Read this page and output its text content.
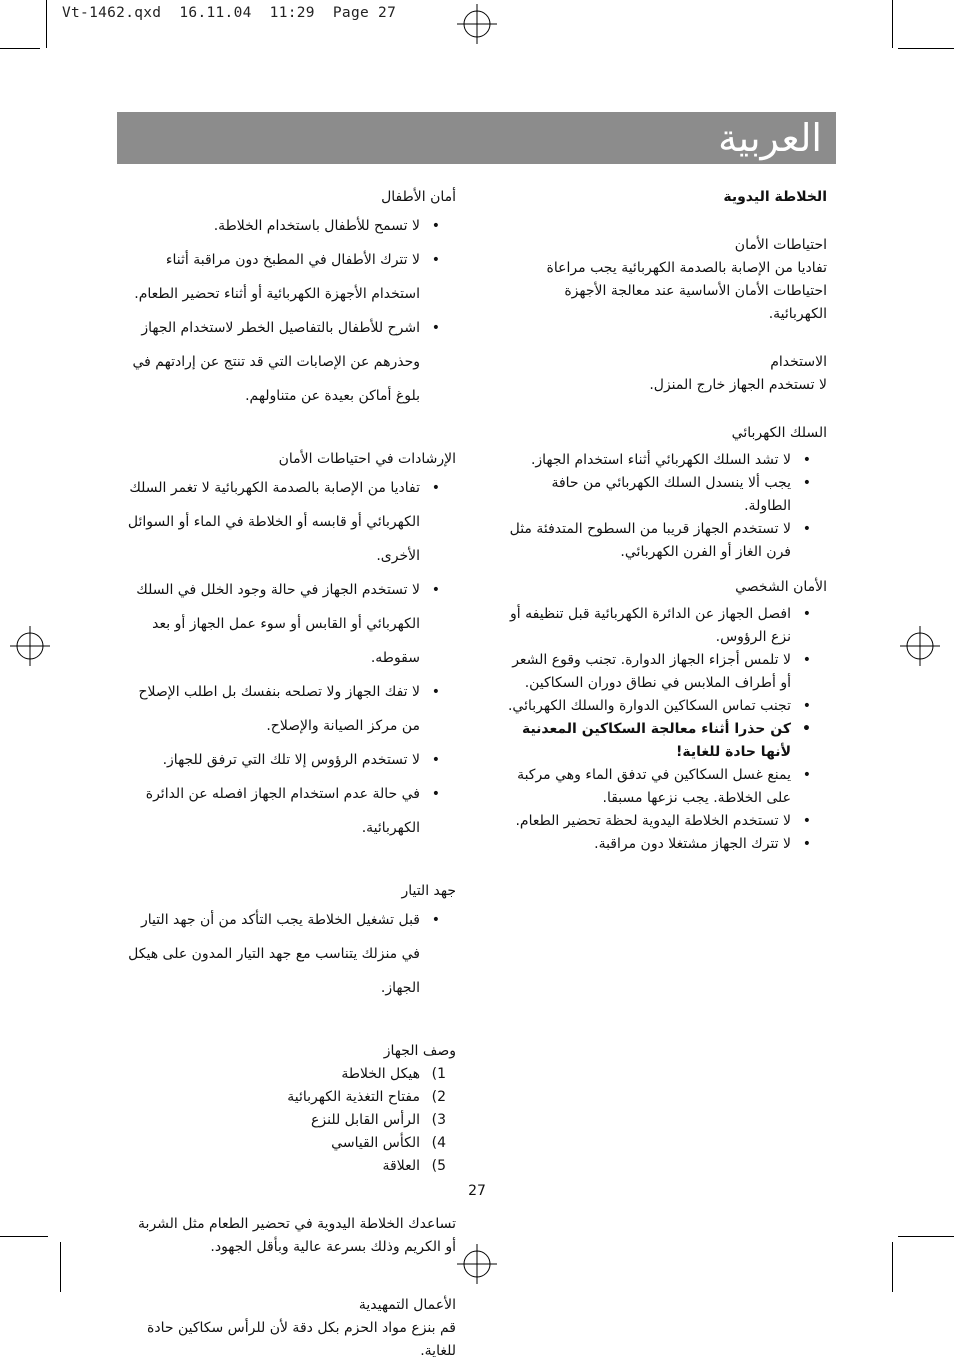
Vt-1462.qxd  16.11.04  11:29  Page 27
العربية

أمان الأطفال

• لا تسمح للأطفال باستخدام الخلاطة.
• لا تترك الأطفال في المطبخ دون مراقبة أثناء استخدام الأجهزة الكهربائية أو أثناء تحضير الطعام.
• اشرح للأطفال بالتفاصيل الخطر لاستخدام الجهاز وحذرهم عن الإصابات التي قد تنتج عن إرادتهم في بلوغ أماكن بعيدة عن متناولهم.

الإرشادات في احتياطات الأمان

• تفاديا من الإصابة بالصدمة الكهربائية لا تغمر السلك الكهربائي أو قابسه أو الخلاطة في الماء أو السوائل الأخرى.
• لا تستخدم الجهاز في حالة وجود الخلل في السلك الكهربائي أو القابس أو سوء عمل الجهاز أو بعد سقوطه.
• لا تفك الجهاز ولا تصلحه بنفسك بل اطلب الإصلاح من مركز الصيانة والإصلاح.
• لا تستخدم الرؤوس إلا تلك التي ترفق للجهاز.
• في حالة عدم استخدام الجهاز افصله عن الدائرة الكهربائية.

جهد التيار

• قبل تشغيل الخلاطة يجب التأكد من أن جهد التيار في منزلك يتناسب مع جهد التيار المدون على هيكل الجهاز.

وصف الجهاز

1)
هيكل الخلاطة
2)
مفتاح التغذية الكهربائية
3)
الرأس القابل للنزع
4)
الكأس القياسي
5)
العلاقة

تساعدك الخلاطة اليدوية في تحضير الطعام مثل الشربة أو الكريم وذلك بسرعة عالية وبأقل الجهود.

الأعمال التمهيدية

قم بنزع مواد الحزم بكل دقة لأن للرأس سكاكين حادة للغاية.

الخلاطة اليدوية

احتياطات الأمان

تفاديا من الإصابة بالصدمة الكهربائية يجب مراعاة احتياطات الأمان الأساسية عند معالجة الأجهزة الكهربائية.

الاستخدام

لا تستخدم الجهاز خارج المنزل.

السلك الكهربائي

• لا تشد السلك الكهربائي أثناء استخدام الجهاز.
• يجب ألا ينسدل السلك الكهربائي من حافة الطاولة.
• لا تستخدم الجهاز قريبا من السطوح المتدفئة مثل فرن الغاز أو الفرن الكهربائي.

الأمان الشخصي

• افصل الجهاز عن الدائرة الكهربائية قبل تنظيفه أو نزع الرؤوس.
• لا تلمس أجزاء الجهاز الدوارة. تجنب وقوع الشعر أو أطراف الملابس في نطاق دوران السكاكين.
• تجنب تماس السكاكين الدوارة والسلك الكهربائي.
• كن حذرا أثناء معالجة السكاكين المعدنية لأنها حادة للغاية!
• يمنع غسل السكاكين في تدفق الماء وهي مركبة على الخلاطة. يجب نزعها مسبقا.
• لا تستخدم الخلاطة اليدوية لحظة تحضير الطعام.
• لا تترك الجهاز مشتغلا دون مراقبة.
27
